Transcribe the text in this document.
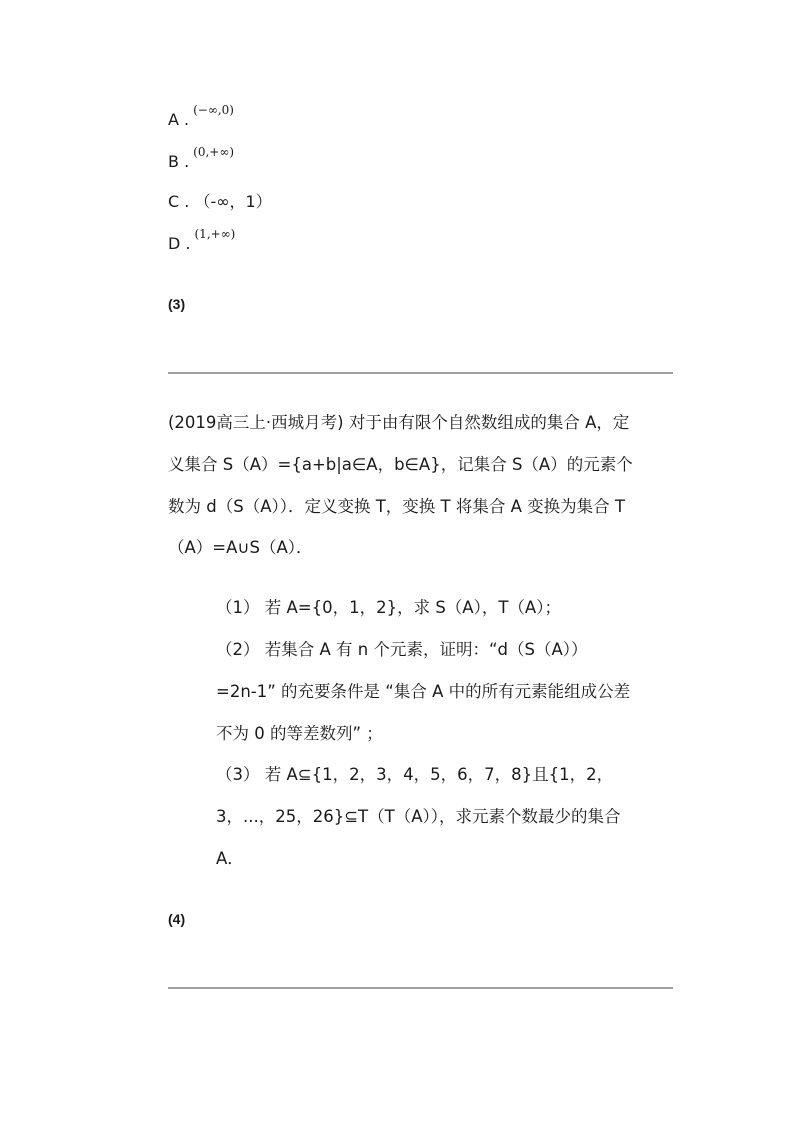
A . $^{(-\infty,0)}$
B . $^{(0,+\infty)}$
C . （-∞，1）
D . $^{(1,+\infty)}$
(3)
(2019高三上·西城月考) 对于由有限个自然数组成的集合 A，定
义集合 S（A）={a+b|a∈A，b∈A}，记集合 S（A）的元素个
数为 d（S（A））．定义变换 T，变换 T 将集合 A 变换为集合 T
（A）=A∪S（A）．
（1） 若 A={0，1，2}，求 S（A），T（A）；
（2） 若集合 A 有 n 个元素，证明：“d（S（A））
=2n-1” 的充要条件是 “集合 A 中的所有元素能组成公差
不为 0 的等差数列” ；
（3） 若 A⊆{1，2，3，4，5，6，7，8}且{1，2，
3，...，25，26}⊆T（T（A）），求元素个数最少的集合
A．
(4)
